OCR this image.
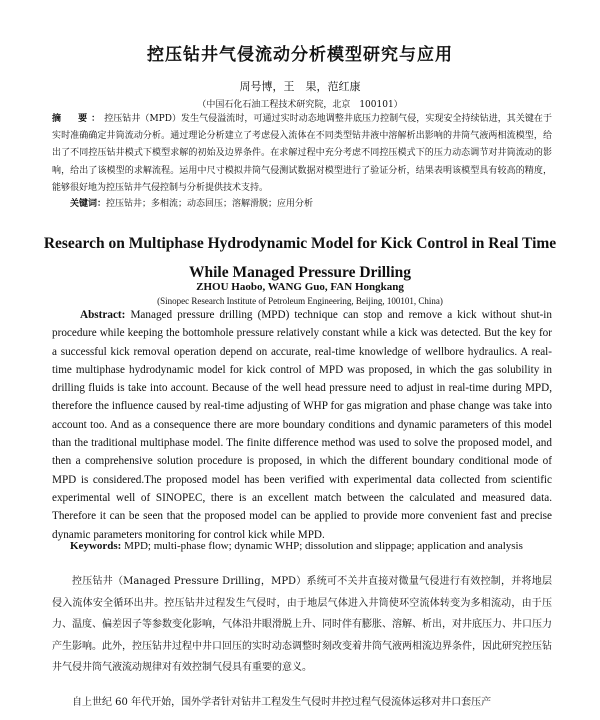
控压钻井气侵流动分析模型研究与应用
周号博，王　果，范红康
（中国石化石油工程技术研究院，北京　100101）
摘　要：控压钻井（MPD）发生气侵溢流时，可通过实时动态地调整井底压力控制气侵，实现安全持续钻进，其关键在于实时准确确定井筒流动分析。通过理论分析建立了考虑侵入流体在不同类型钻井液中溶解析出影响的井筒气液两相流模型，给出了不同控压钻井模式下模型求解的初始及边界条件。在求解过程中充分考虑不同控压模式下的压力动态调节对井筒流动的影响，给出了该模型的求解流程。运用中尺寸模拟井筒气侵测试数据对模型进行了验证分析，结果表明该模型具有较高的精度，能够很好地为控压钻井气侵控制与分析提供技术支持。
关键词：控压钻井；多相流；动态回压；溶解滑脱；应用分析
Research on Multiphase Hydrodynamic Model for Kick Control in Real Time While Managed Pressure Drilling
ZHOU Haobo, WANG Guo, FAN Hongkang
(Sinopec Research Institute of Petroleum Engineering, Beijing, 100101, China)
Abstract: Managed pressure drilling (MPD) technique can stop and remove a kick without shut-in procedure while keeping the bottomhole pressure relatively constant while a kick was detected. But the key for a successful kick removal operation depend on accurate, real-time knowledge of wellbore hydraulics. A real-time multiphase hydrodynamic model for kick control of MPD was proposed, in which the gas solubility in drilling fluids is take into account. Because of the well head pressure need to adjust in real-time during MPD, therefore the influence caused by real-time adjusting of WHP for gas migration and phase change was take into account too. And as a consequence there are more boundary conditions and dynamic parameters of this model than the traditional multiphase model. The finite difference method was used to solve the proposed model, and then a comprehensive solution procedure is proposed, in which the different boundary conditional mode of MPD is considered.The proposed model has been verified with experimental data collected from scientific experimental well of SINOPEC, there is an excellent match between the calculated and measured data. Therefore it can be seen that the proposed model can be applied to provide more convenient fast and precise dynamic parameters monitoring for control kick while MPD.
Keywords: MPD; multi-phase flow; dynamic WHP; dissolution and slippage; application and analysis
控压钻井（Managed Pressure Drilling，MPD）系统可不关井直接对微量气侵进行有效控制，并将地层侵入流体安全循环出井。控压钻井过程发生气侵时，由于地层气体进入井筒使环空流体转变为多相流动，由于压力、温度、偏差因子等参数变化影响，气体沿井眼滑脱上升、同时伴有膨胀、溶解、析出，对井底压力、井口压力产生影响。此外，控压钻井过程中井口回压的实时动态调整时刻改变着井筒气液两相流边界条件，因此研究控压钻井气侵井筒气液流动规律对有效控制气侵具有重要的意义。
自上世纪 60 年代开始，国外学者针对钻井工程发生气侵时井控过程气侵流体运移对井口套压产
